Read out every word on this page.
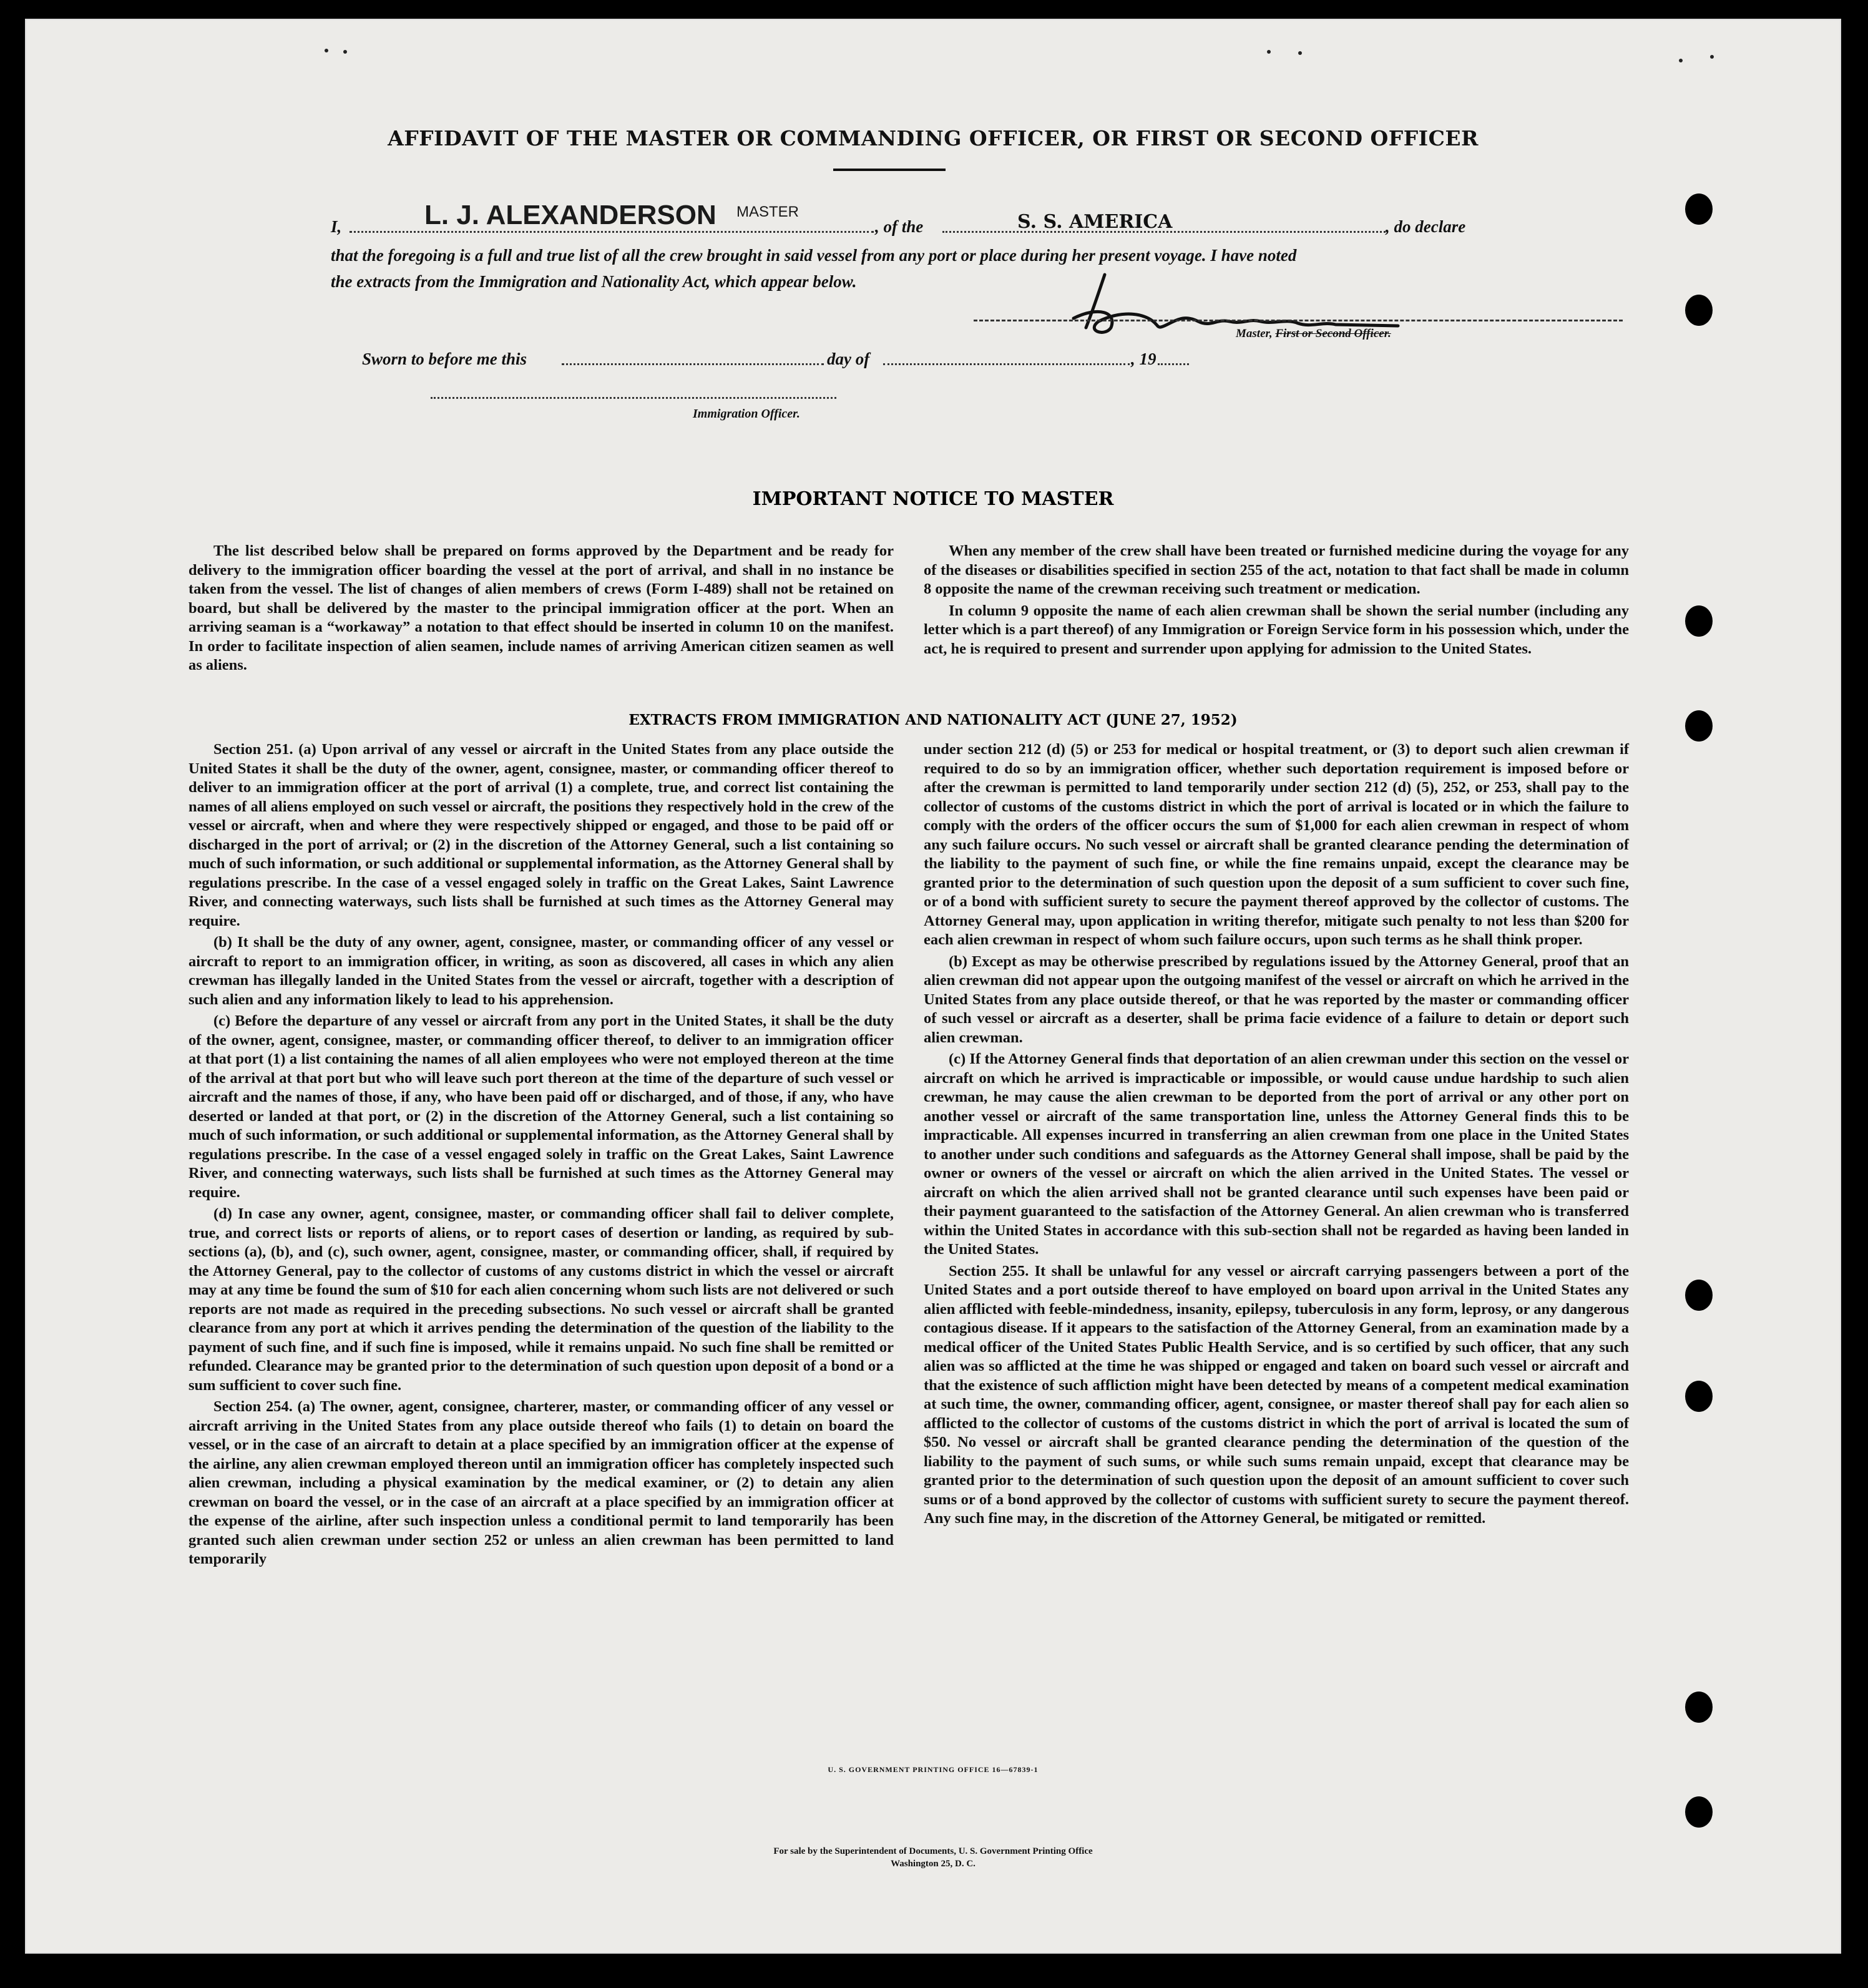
AFFIDAVIT OF THE MASTER OR COMMANDING OFFICER, OR FIRST OR SECOND OFFICER
I,	L. J. ALEXANDERSON MASTER
, of the	S. S. AMERICA	, do declare
that the foregoing is a full and true list of all the crew brought in said vessel from any port or place during her present voyage. I have noted
the extracts from the Immigration and Nationality Act, which appear below.
Master, First or Second Officer.
Sworn to before me this	day of	, 19
Immigration Officer.
IMPORTANT NOTICE TO MASTER

The list described below shall be prepared on forms approved by the Department and be ready for delivery to the immigration officer boarding the vessel at the port of arrival, and shall in no instance be taken from the vessel. The list of changes of alien members of crews (Form I-489) shall not be retained on board, but shall be delivered by the master to the principal immigration officer at the port. When an arriving seaman is a “workaway” a notation to that effect should be inserted in column 10 on the manifest. In order to facilitate inspection of alien seamen, include names of arriving American citizen seamen as well as aliens.

When any member of the crew shall have been treated or furnished medicine during the voyage for any of the diseases or disabilities specified in section 255 of the act, notation to that fact shall be made in column 8 opposite the name of the crewman receiving such treatment or medication.

In column 9 opposite the name of each alien crewman shall be shown the serial number (including any letter which is a part thereof) of any Immigration or Foreign Service form in his possession which, under the act, he is required to present and surrender upon applying for admission to the United States.

EXTRACTS FROM IMMIGRATION AND NATIONALITY ACT (JUNE 27, 1952)

Section 251. (a) Upon arrival of any vessel or aircraft in the United States from any place outside the United States it shall be the duty of the owner, agent, consignee, master, or commanding officer thereof to deliver to an immigration officer at the port of arrival (1) a complete, true, and correct list containing the names of all aliens employed on such vessel or aircraft, the positions they respectively hold in the crew of the vessel or aircraft, when and where they were respectively shipped or engaged, and those to be paid off or discharged in the port of arrival; or (2) in the discretion of the Attorney General, such a list containing so much of such information, or such additional or supplemental information, as the Attorney General shall by regulations prescribe. In the case of a vessel engaged solely in traffic on the Great Lakes, Saint Lawrence River, and connecting waterways, such lists shall be furnished at such times as the Attorney General may require.

(b) It shall be the duty of any owner, agent, consignee, master, or commanding officer of any vessel or aircraft to report to an immigration officer, in writing, as soon as discovered, all cases in which any alien crewman has illegally landed in the United States from the vessel or aircraft, together with a description of such alien and any information likely to lead to his apprehension.

(c) Before the departure of any vessel or aircraft from any port in the United States, it shall be the duty of the owner, agent, consignee, master, or commanding officer thereof, to deliver to an immigration officer at that port (1) a list containing the names of all alien employees who were not employed thereon at the time of the arrival at that port but who will leave such port thereon at the time of the departure of such vessel or aircraft and the names of those, if any, who have been paid off or discharged, and of those, if any, who have deserted or landed at that port, or (2) in the discretion of the Attorney General, such a list containing so much of such information, or such additional or supplemental information, as the Attorney General shall by regulations prescribe. In the case of a vessel engaged solely in traffic on the Great Lakes, Saint Lawrence River, and connecting waterways, such lists shall be furnished at such times as the Attorney General may require.

(d) In case any owner, agent, consignee, master, or commanding officer shall fail to deliver complete, true, and correct lists or reports of aliens, or to report cases of desertion or landing, as required by sub-sections (a), (b), and (c), such owner, agent, consignee, master, or commanding officer, shall, if required by the Attorney General, pay to the collector of customs of any customs district in which the vessel or aircraft may at any time be found the sum of $10 for each alien concerning whom such lists are not delivered or such reports are not made as required in the preceding subsections. No such vessel or aircraft shall be granted clearance from any port at which it arrives pending the determination of the question of the liability to the payment of such fine, and if such fine is imposed, while it remains unpaid. No such fine shall be remitted or refunded. Clearance may be granted prior to the determination of such question upon deposit of a bond or a sum sufficient to cover such fine.

Section 254. (a) The owner, agent, consignee, charterer, master, or commanding officer of any vessel or aircraft arriving in the United States from any place outside thereof who fails (1) to detain on board the vessel, or in the case of an aircraft to detain at a place specified by an immigration officer at the expense of the airline, any alien crewman employed thereon until an immigration officer has completely inspected such alien crewman, including a physical examination by the medical examiner, or (2) to detain any alien crewman on board the vessel, or in the case of an aircraft at a place specified by an immigration officer at the expense of the airline, after such inspection unless a conditional permit to land temporarily has been granted such alien crewman under section 252 or unless an alien crewman has been permitted to land temporarily

under section 212 (d) (5) or 253 for medical or hospital treatment, or (3) to deport such alien crewman if required to do so by an immigration officer, whether such deportation requirement is imposed before or after the crewman is permitted to land temporarily under section 212 (d) (5), 252, or 253, shall pay to the collector of customs of the customs district in which the port of arrival is located or in which the failure to comply with the orders of the officer occurs the sum of $1,000 for each alien crewman in respect of whom any such failure occurs. No such vessel or aircraft shall be granted clearance pending the determination of the liability to the payment of such fine, or while the fine remains unpaid, except the clearance may be granted prior to the determination of such question upon the deposit of a sum sufficient to cover such fine, or of a bond with sufficient surety to secure the payment thereof approved by the collector of customs. The Attorney General may, upon application in writing therefor, mitigate such penalty to not less than $200 for each alien crewman in respect of whom such failure occurs, upon such terms as he shall think proper.

(b) Except as may be otherwise prescribed by regulations issued by the Attorney General, proof that an alien crewman did not appear upon the outgoing manifest of the vessel or aircraft on which he arrived in the United States from any place outside thereof, or that he was reported by the master or commanding officer of such vessel or aircraft as a deserter, shall be prima facie evidence of a failure to detain or deport such alien crewman.

(c) If the Attorney General finds that deportation of an alien crewman under this section on the vessel or aircraft on which he arrived is impracticable or impossible, or would cause undue hardship to such alien crewman, he may cause the alien crewman to be deported from the port of arrival or any other port on another vessel or aircraft of the same transportation line, unless the Attorney General finds this to be impracticable. All expenses incurred in transferring an alien crewman from one place in the United States to another under such conditions and safeguards as the Attorney General shall impose, shall be paid by the owner or owners of the vessel or aircraft on which the alien arrived in the United States. The vessel or aircraft on which the alien arrived shall not be granted clearance until such expenses have been paid or their payment guaranteed to the satisfaction of the Attorney General. An alien crewman who is transferred within the United States in accordance with this sub-section shall not be regarded as having been landed in the United States.

Section 255. It shall be unlawful for any vessel or aircraft carrying passengers between a port of the United States and a port outside thereof to have employed on board upon arrival in the United States any alien afflicted with feeble-mindedness, insanity, epilepsy, tuberculosis in any form, leprosy, or any dangerous contagious disease. If it appears to the satisfaction of the Attorney General, from an examination made by a medical officer of the United States Public Health Service, and is so certified by such officer, that any such alien was so afflicted at the time he was shipped or engaged and taken on board such vessel or aircraft and that the existence of such affliction might have been detected by means of a competent medical examination at such time, the owner, commanding officer, agent, consignee, or master thereof shall pay for each alien so afflicted to the collector of customs of the customs district in which the port of arrival is located the sum of $50. No vessel or aircraft shall be granted clearance pending the determination of the question of the liability to the payment of such sums, or while such sums remain unpaid, except that clearance may be granted prior to the determination of such question upon the deposit of an amount sufficient to cover such sums or of a bond approved by the collector of customs with sufficient surety to secure the payment thereof. Any such fine may, in the discretion of the Attorney General, be mitigated or remitted.

U. S. GOVERNMENT PRINTING OFFICE 16—67839-1
For sale by the Superintendent of Documents, U. S. Government Printing Office
Washington 25, D. C.
